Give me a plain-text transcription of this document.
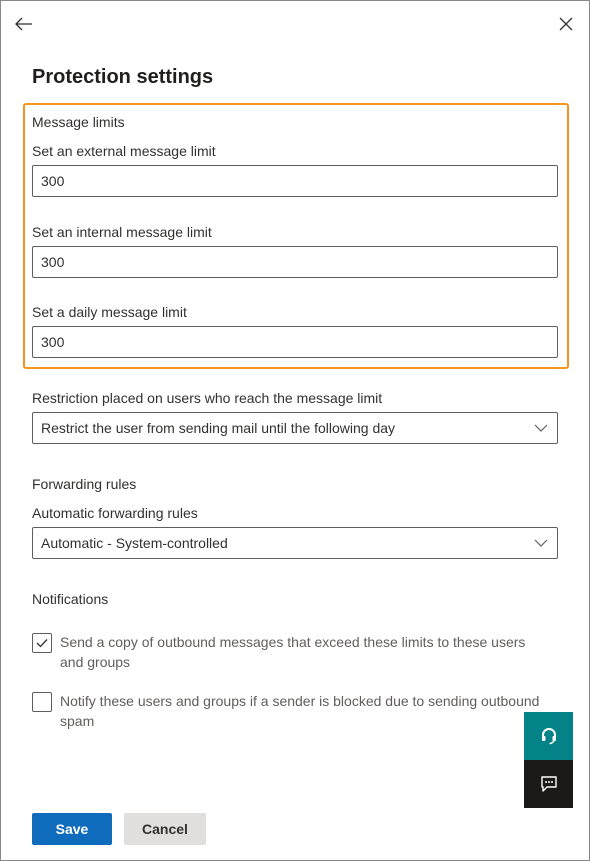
Protection settings
Message limits
Set an external message limit
300
Set an internal message limit
300
Set a daily message limit
300
Restriction placed on users who reach the message limit
Restrict the user from sending mail until the following day
Forwarding rules
Automatic forwarding rules
Automatic - System-controlled
Notifications
Send a copy of outbound messages that exceed these limits to these users and groups
Notify these users and groups if a sender is blocked due to sending outbound spam
Save	Cancel
